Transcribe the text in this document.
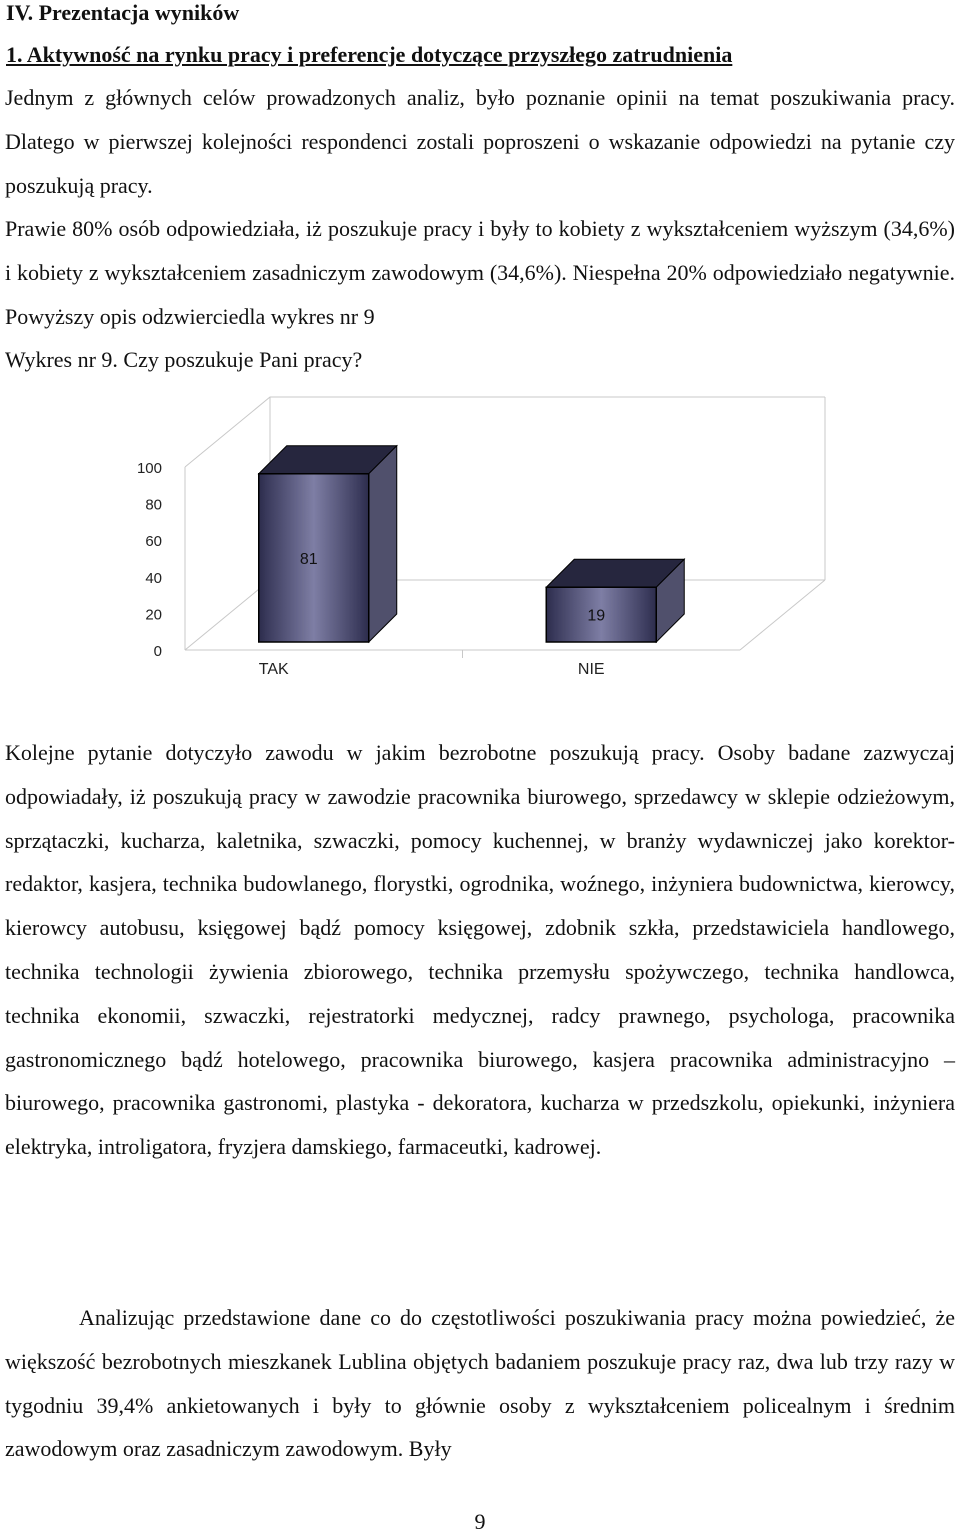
IV. Prezentacja wyników
1. Aktywność na rynku pracy i preferencje dotyczące przyszłego zatrudnienia

Jednym z głównych celów prowadzonych analiz, było poznanie opinii na temat poszukiwania pracy. Dlatego w pierwszej kolejności respondenci zostali poproszeni o wskazanie odpowiedzi na pytanie czy poszukują pracy.

Prawie 80% osób odpowiedziała, iż poszukuje pracy i były to kobiety z wykształceniem wyższym (34,6%) i kobiety z wykształceniem zasadniczym zawodowym (34,6%). Niespełna 20% odpowiedziało negatywnie. Powyższy opis odzwierciedla wykres nr 9

Wykres nr 9. Czy poszukuje Pani pracy?

0
20
40
60
80
100
81
19
TAK	NIE

Kolejne pytanie dotyczyło zawodu w jakim bezrobotne poszukują pracy. Osoby badane zazwyczaj odpowiadały, iż poszukują pracy w zawodzie pracownika biurowego, sprzedawcy w sklepie odzieżowym, sprzątaczki, kucharza, kaletnika, szwaczki, pomocy kuchennej, w branży wydawniczej jako korektor-redaktor, kasjera, technika budowlanego, florystki, ogrodnika, woźnego, inżyniera budownictwa, kierowcy, kierowcy autobusu, księgowej bądź pomocy księgowej, zdobnik szkła, przedstawiciela handlowego, technika technologii żywienia zbiorowego, technika przemysłu spożywczego, technika handlowca, technika ekonomii, szwaczki, rejestratorki medycznej, radcy prawnego, psychologa, pracownika gastronomicznego bądź hotelowego, pracownika biurowego, kasjera pracownika administracyjno – biurowego, pracownika gastronomi, plastyka - dekoratora, kucharza w przedszkolu, opiekunki, inżyniera elektryka, introligatora, fryzjera damskiego, farmaceutki, kadrowej.

Analizując przedstawione dane co do częstotliwości poszukiwania pracy można powiedzieć, że większość bezrobotnych mieszkanek Lublina objętych badaniem poszukuje pracy raz, dwa lub trzy razy w tygodniu 39,4% ankietowanych i były to głównie osoby z wykształceniem policealnym i średnim zawodowym oraz zasadniczym zawodowym. Były

9
